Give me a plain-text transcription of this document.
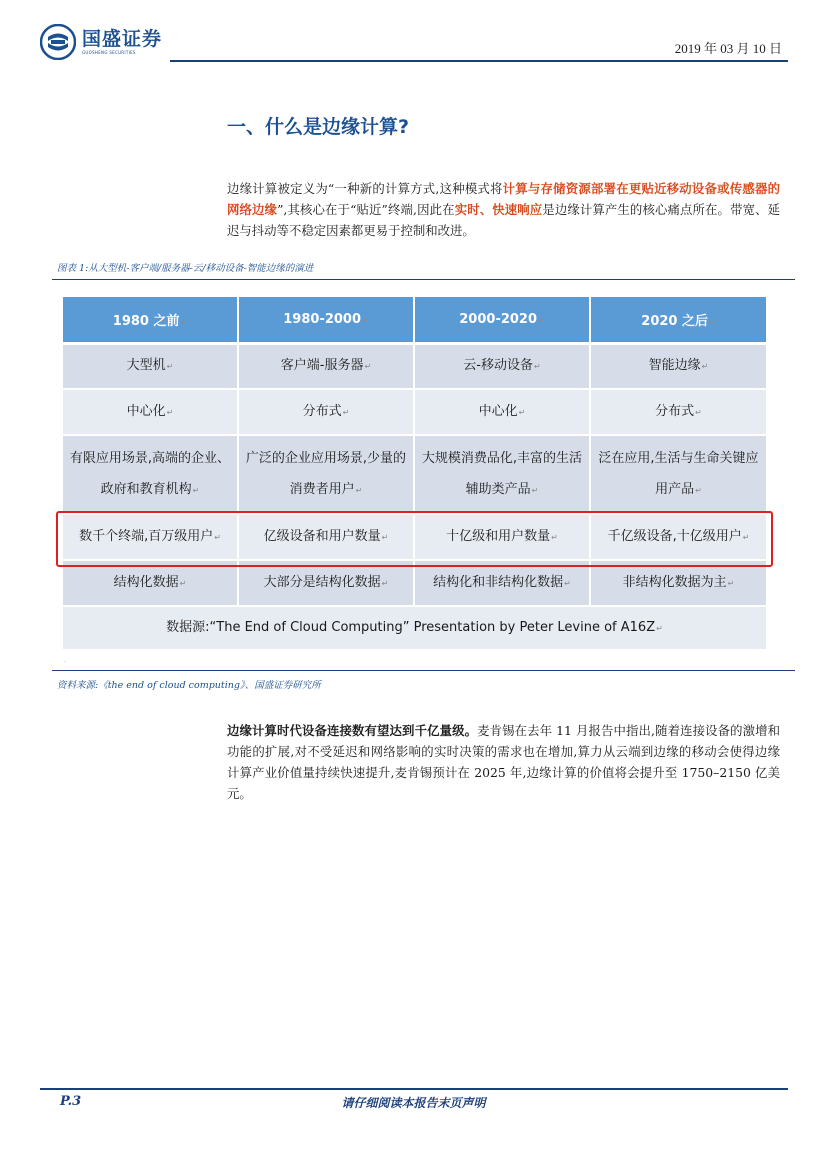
国盛证券
GUOSHENG SECURITIES	2019 年 03 月 10 日
一、什么是边缘计算?

边缘计算被定义为“一种新的计算方式,这种模式将计算与存储资源部署在更贴近移动设备或传感器的网络边缘”,其核心在于“贴近”终端,因此在实时、快速响应是边缘计算产生的核心痛点所在。带宽、延迟与抖动等不稳定因素都更易于控制和改进。

图表 1:从大型机-客户端/服务器-云/移动设备-智能边缘的演进
1980 之前↵	1980-2000↵	2000-2020↵	2020 之后↵
大型机↵	客户端-服务器↵	云-移动设备↵	智能边缘↵
中心化↵	分布式↵	中心化↵	分布式↵
有限应用场景,高端的企业、政府和教育机构↵	广泛的企业应用场景,少量的消费者用户↵	大规模消费品化,丰富的生活辅助类产品↵	泛在应用,生活与生命关键应用产品↵
数千个终端,百万级用户↵	亿级设备和用户数量↵	十亿级和用户数量↵	千亿级设备,十亿级用户↵
结构化数据↵	大部分是结构化数据↵	结构化和非结构化数据↵	非结构化数据为主↵
数据源:“The End of Cloud Computing” Presentation by Peter Levine of A16Z↵			
.
资料来源:《the end of cloud computing》、国盛证券研究所

边缘计算时代设备连接数有望达到千亿量级。麦肯锡在去年 11 月报告中指出,随着连接设备的激增和功能的扩展,对不受延迟和网络影响的实时决策的需求也在增加,算力从云端到边缘的移动会使得边缘计算产业价值量持续快速提升,麦肯锡预计在 2025 年,边缘计算的价值将会提升至 1750–2150 亿美元。

请仔细阅读本报告末页声明
P.3
